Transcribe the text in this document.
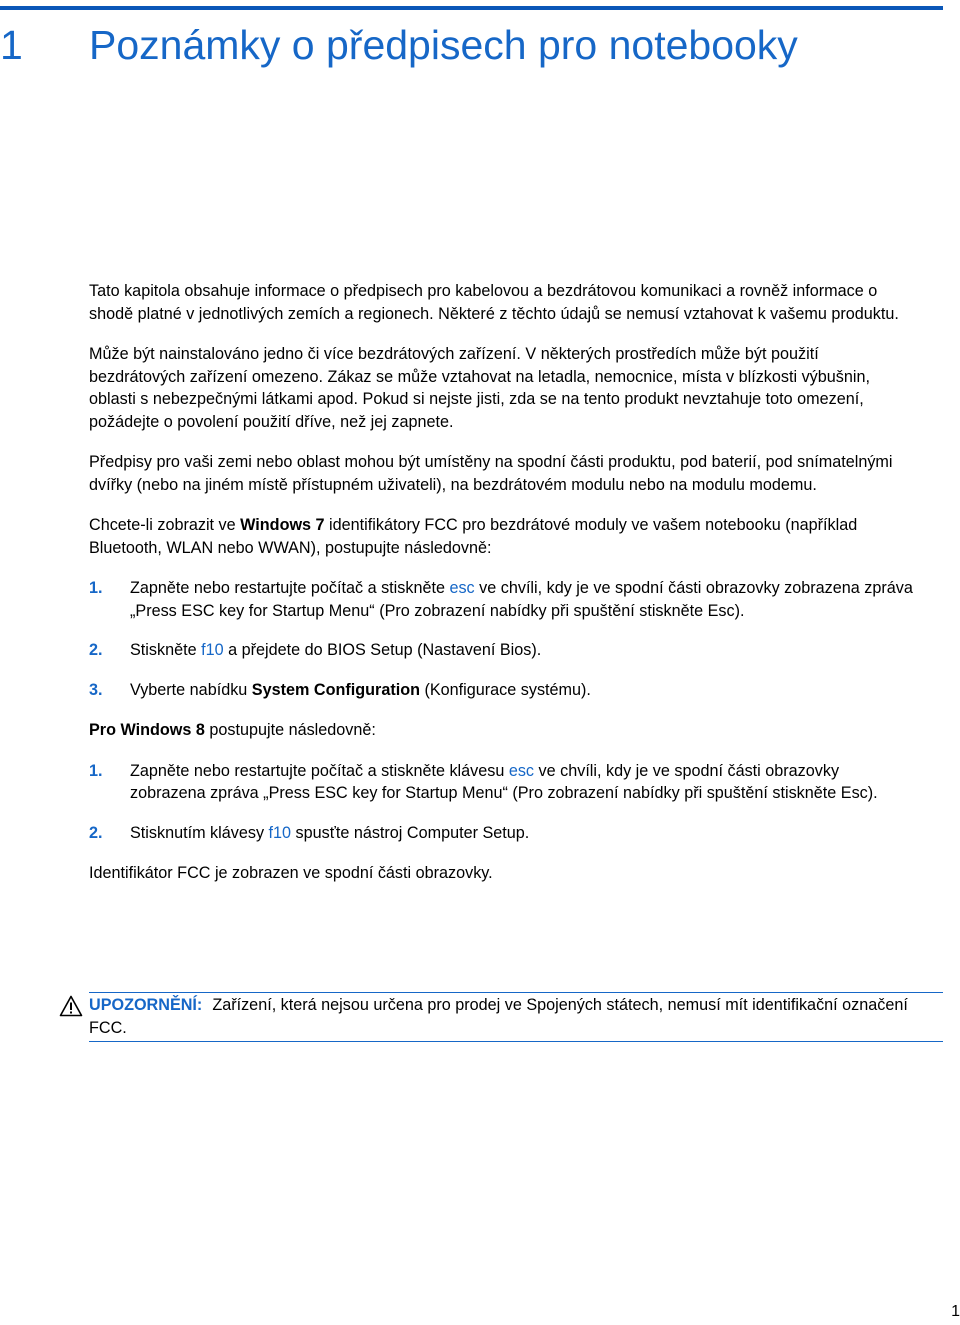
1 Poznámky o předpisech pro notebooky

Tato kapitola obsahuje informace o předpisech pro kabelovou a bezdrátovou komunikaci a rovněž informace o shodě platné v jednotlivých zemích a regionech. Některé z těchto údajů se nemusí vztahovat k vašemu produktu.

Může být nainstalováno jedno či více bezdrátových zařízení. V některých prostředích může být použití bezdrátových zařízení omezeno. Zákaz se může vztahovat na letadla, nemocnice, místa v blízkosti výbušnin, oblasti s nebezpečnými látkami apod. Pokud si nejste jisti, zda se na tento produkt nevztahuje toto omezení, požádejte o povolení použití dříve, než jej zapnete.

Předpisy pro vaši zemi nebo oblast mohou být umístěny na spodní části produktu, pod baterií, pod snímatelnými dvířky (nebo na jiném místě přístupném uživateli), na bezdrátovém modulu nebo na modulu modemu.

Chcete-li zobrazit ve Windows 7 identifikátory FCC pro bezdrátové moduly ve vašem notebooku (například Bluetooth, WLAN nebo WWAN), postupujte následovně:

1. Zapněte nebo restartujte počítač a stiskněte esc ve chvíli, kdy je ve spodní části obrazovky zobrazena zpráva „Press ESC key for Startup Menu“ (Pro zobrazení nabídky při spuštění stiskněte Esc).
2. Stiskněte f10 a přejdete do BIOS Setup (Nastavení Bios).
3. Vyberte nabídku System Configuration (Konfigurace systému).

Pro Windows 8 postupujte následovně:

1. Zapněte nebo restartujte počítač a stiskněte klávesu esc ve chvíli, kdy je ve spodní části obrazovky zobrazena zpráva „Press ESC key for Startup Menu“ (Pro zobrazení nabídky při spuštění stiskněte Esc).
2. Stisknutím klávesy f10 spusťte nástroj Computer Setup.

Identifikátor FCC je zobrazen ve spodní části obrazovky.

UPOZORNĚNÍ: Zařízení, která nejsou určena pro prodej ve Spojených státech, nemusí mít identifikační označení FCC.
1
